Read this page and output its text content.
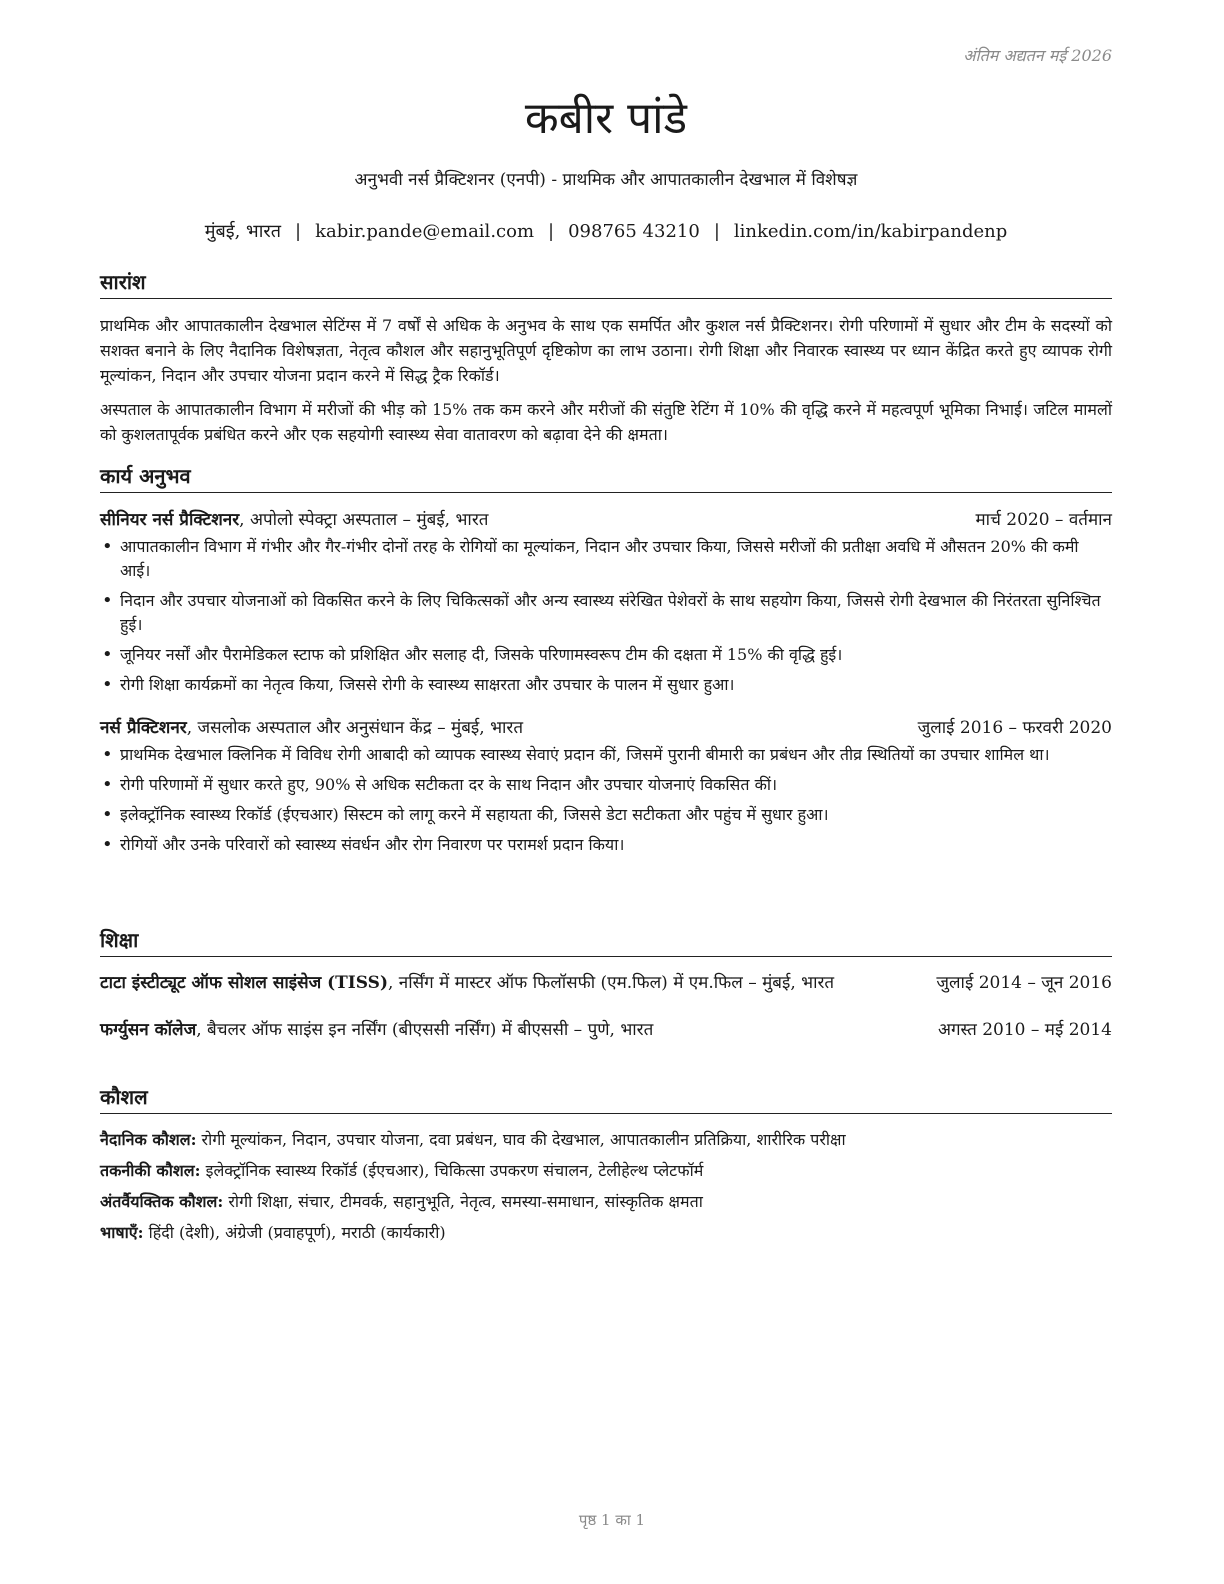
अंतिम अद्यतन मई 2026
कबीर पांडे
अनुभवी नर्स प्रैक्टिशनर (एनपी) - प्राथमिक और आपातकालीन देखभाल में विशेषज्ञ
मुंबई, भारत | kabir.pande@email.com | 098765 43210 | linkedin.com/in/kabirpandenp
सारांश

प्राथमिक और आपातकालीन देखभाल सेटिंग्स में 7 वर्षों से अधिक के अनुभव के साथ एक समर्पित और कुशल नर्स प्रैक्टिशनर। रोगी परिणामों में सुधार और टीम के सदस्यों को सशक्त बनाने के लिए नैदानिक विशेषज्ञता, नेतृत्व कौशल और सहानुभूतिपूर्ण दृष्टिकोण का लाभ उठाना। रोगी शिक्षा और निवारक स्वास्थ्य पर ध्यान केंद्रित करते हुए व्यापक रोगी मूल्यांकन, निदान और उपचार योजना प्रदान करने में सिद्ध ट्रैक रिकॉर्ड।

अस्पताल के आपातकालीन विभाग में मरीजों की भीड़ को 15% तक कम करने और मरीजों की संतुष्टि रेटिंग में 10% की वृद्धि करने में महत्वपूर्ण भूमिका निभाई। जटिल मामलों को कुशलतापूर्वक प्रबंधित करने और एक सहयोगी स्वास्थ्य सेवा वातावरण को बढ़ावा देने की क्षमता।

कार्य अनुभव
सीनियर नर्स प्रैक्टिशनर, अपोलो स्पेक्ट्रा अस्पताल – मुंबई, भारत	मार्च 2020 – वर्तमान
• आपातकालीन विभाग में गंभीर और गैर-गंभीर दोनों तरह के रोगियों का मूल्यांकन, निदान और उपचार किया, जिससे मरीजों की प्रतीक्षा अवधि में औसतन 20% की कमी आई।
• निदान और उपचार योजनाओं को विकसित करने के लिए चिकित्सकों और अन्य स्वास्थ्य संरेखित पेशेवरों के साथ सहयोग किया, जिससे रोगी देखभाल की निरंतरता सुनिश्चित हुई।
• जूनियर नर्सों और पैरामेडिकल स्टाफ को प्रशिक्षित और सलाह दी, जिसके परिणामस्वरूप टीम की दक्षता में 15% की वृद्धि हुई।
• रोगी शिक्षा कार्यक्रमों का नेतृत्व किया, जिससे रोगी के स्वास्थ्य साक्षरता और उपचार के पालन में सुधार हुआ।
नर्स प्रैक्टिशनर, जसलोक अस्पताल और अनुसंधान केंद्र – मुंबई, भारत	जुलाई 2016 – फरवरी 2020
• प्राथमिक देखभाल क्लिनिक में विविध रोगी आबादी को व्यापक स्वास्थ्य सेवाएं प्रदान कीं, जिसमें पुरानी बीमारी का प्रबंधन और तीव्र स्थितियों का उपचार शामिल था।
• रोगी परिणामों में सुधार करते हुए, 90% से अधिक सटीकता दर के साथ निदान और उपचार योजनाएं विकसित कीं।
• इलेक्ट्रॉनिक स्वास्थ्य रिकॉर्ड (ईएचआर) सिस्टम को लागू करने में सहायता की, जिससे डेटा सटीकता और पहुंच में सुधार हुआ।
• रोगियों और उनके परिवारों को स्वास्थ्य संवर्धन और रोग निवारण पर परामर्श प्रदान किया।
शिक्षा
टाटा इंस्टीट्यूट ऑफ सोशल साइंसेज (TISS), नर्सिंग में मास्टर ऑफ फिलॉसफी (एम.फिल) में एम.फिल – मुंबई, भारत	जुलाई 2014 – जून 2016
फर्ग्युसन कॉलेज, बैचलर ऑफ साइंस इन नर्सिंग (बीएससी नर्सिंग) में बीएससी – पुणे, भारत	अगस्त 2010 – मई 2014
कौशल
नैदानिक कौशल: रोगी मूल्यांकन, निदान, उपचार योजना, दवा प्रबंधन, घाव की देखभाल, आपातकालीन प्रतिक्रिया, शारीरिक परीक्षा
तकनीकी कौशल: इलेक्ट्रॉनिक स्वास्थ्य रिकॉर्ड (ईएचआर), चिकित्सा उपकरण संचालन, टेलीहेल्थ प्लेटफॉर्म
अंतर्वैयक्तिक कौशल: रोगी शिक्षा, संचार, टीमवर्क, सहानुभूति, नेतृत्व, समस्या-समाधान, सांस्कृतिक क्षमता
भाषाएँ: हिंदी (देशी), अंग्रेजी (प्रवाहपूर्ण), मराठी (कार्यकारी)
पृष्ठ 1 का 1
